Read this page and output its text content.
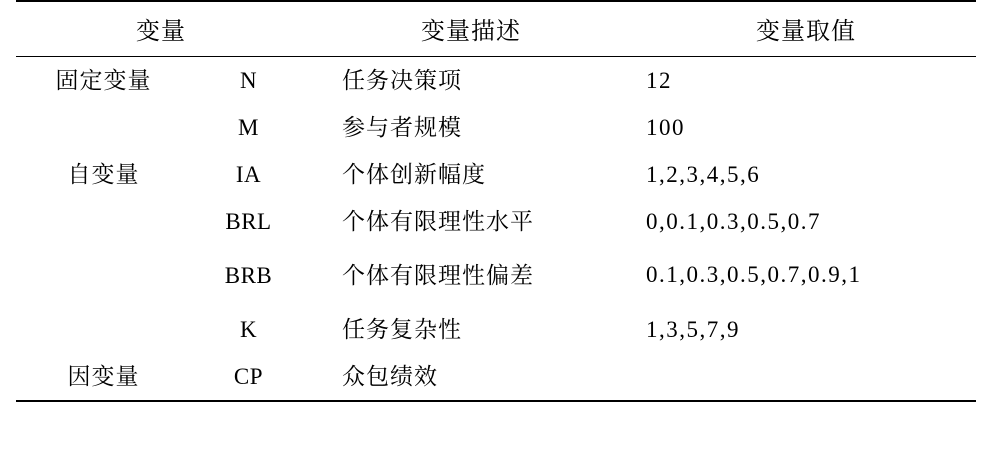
变量		变量描述	变量取值
固定变量	N	任务决策项	12
	M	参与者规模	100
自变量	IA	个体创新幅度	1,2,3,4,5,6
	BRL	个体有限理性水平	0,0.1,0.3,0.5,0.7
	BRB	个体有限理性偏差	0.1,0.3,0.5,0.7,0.9,1

	K	任务复杂性	1,3,5,7,9
因变量	CP	众包绩效	
